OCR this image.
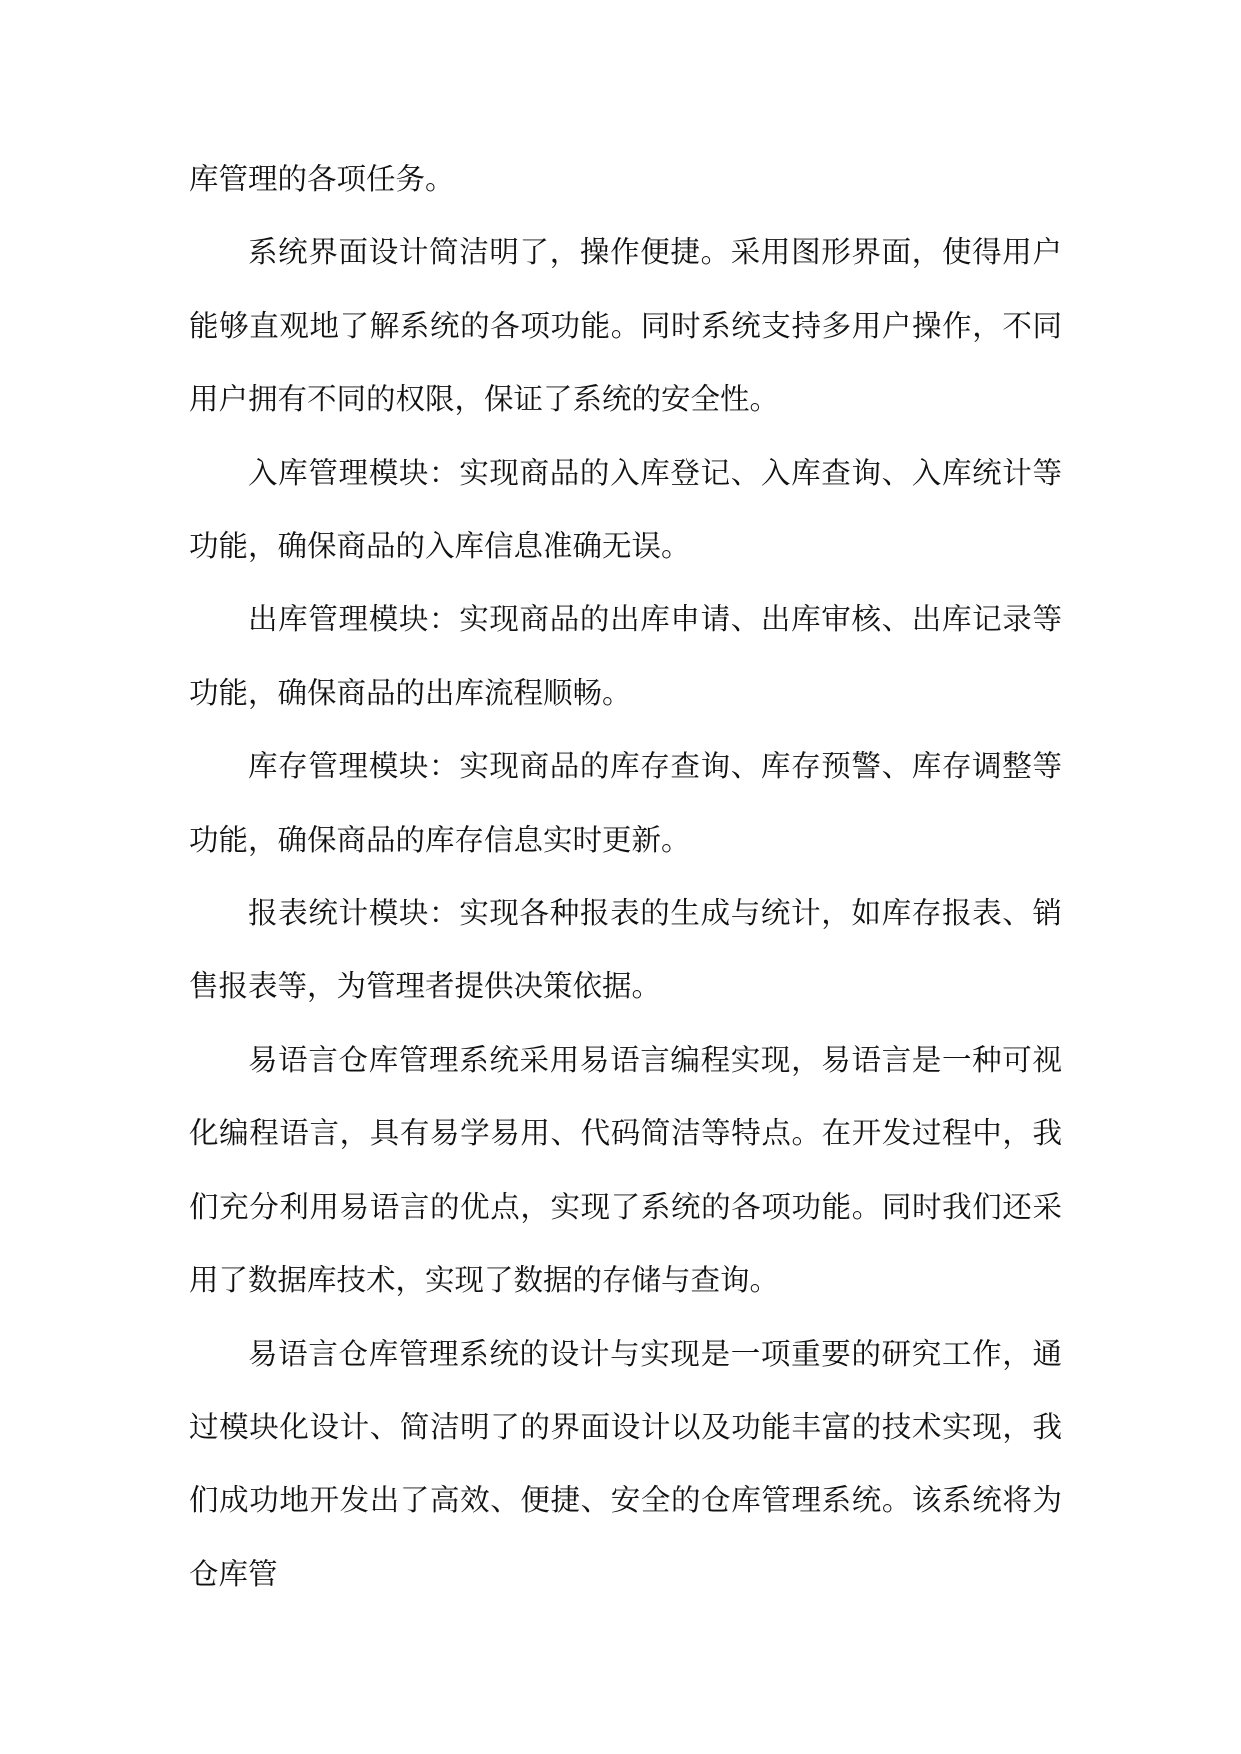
库管理的各项任务。

系统界面设计简洁明了，操作便捷。采用图形界面，使得用户能够直观地了解系统的各项功能。同时系统支持多用户操作，不同用户拥有不同的权限，保证了系统的安全性。

入库管理模块：实现商品的入库登记、入库查询、入库统计等功能，确保商品的入库信息准确无误。

出库管理模块：实现商品的出库申请、出库审核、出库记录等功能，确保商品的出库流程顺畅。

库存管理模块：实现商品的库存查询、库存预警、库存调整等功能，确保商品的库存信息实时更新。

报表统计模块：实现各种报表的生成与统计，如库存报表、销售报表等，为管理者提供决策依据。

易语言仓库管理系统采用易语言编程实现，易语言是一种可视化编程语言，具有易学易用、代码简洁等特点。在开发过程中，我们充分利用易语言的优点，实现了系统的各项功能。同时我们还采用了数据库技术，实现了数据的存储与查询。

易语言仓库管理系统的设计与实现是一项重要的研究工作，通过模块化设计、简洁明了的界面设计以及功能丰富的技术实现，我们成功地开发出了高效、便捷、安全的仓库管理系统。该系统将为仓库管
